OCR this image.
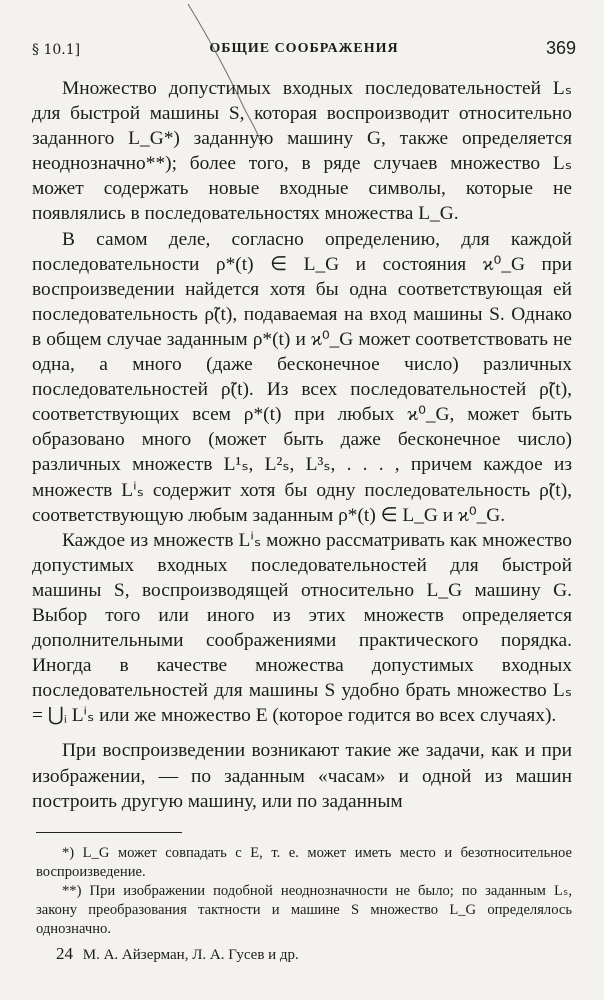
§ 10.1]	ОБЩИЕ СООБРАЖЕНИЯ	369

Множество допустимых входных последовательностей Lₛ для быстрой машины S, которая воспроизводит относительно заданного L_G*) заданную машину G, также определяется неоднозначно**); более того, в ряде случаев множество Lₛ может содержать новые входные символы, которые не появлялись в последовательностях множества L_G.

В самом деле, согласно определению, для каждой последовательности ρ*(t) ∈ L_G и состояния ϰ⁰_G при воспроизведении найдется хотя бы одна соответствующая ей последовательность ρ̃(t), подаваемая на вход машины S. Однако в общем случае заданным ρ*(t) и ϰ⁰_G может соответствовать не одна, а много (даже бесконечное число) различных последовательностей ρ̃(t). Из всех последовательностей ρ̃(t), соответствующих всем ρ*(t) при любых ϰ⁰_G, может быть образовано много (может быть даже бесконечное число) различных множеств L¹ₛ, L²ₛ, L³ₛ, . . . , причем каждое из множеств Lⁱₛ содержит хотя бы одну последовательность ρ̃(t), соответствующую любым заданным ρ*(t) ∈ L_G и ϰ⁰_G.

Каждое из множеств Lⁱₛ можно рассматривать как множество допустимых входных последовательностей для быстрой машины S, воспроизводящей относительно L_G машину G. Выбор того или иного из этих множеств определяется дополнительными соображениями практического порядка. Иногда в качестве множества допустимых входных последовательностей для машины S удобно брать множество Lₛ = ⋃ᵢ Lⁱₛ или же множество E (которое годится во всех случаях).

При воспроизведении возникают такие же задачи, как и при изображении, — по заданным «часам» и одной из машин построить другую машину, или по заданным

*) L_G может совпадать с E, т. е. может иметь место и безотносительное воспроизведение.

**) При изображении подобной неоднозначности не было; по заданным Lₛ, закону преобразования тактности и машине S множество L_G определялось однозначно.

24 М. А. Айзерман, Л. А. Гусев и др.
